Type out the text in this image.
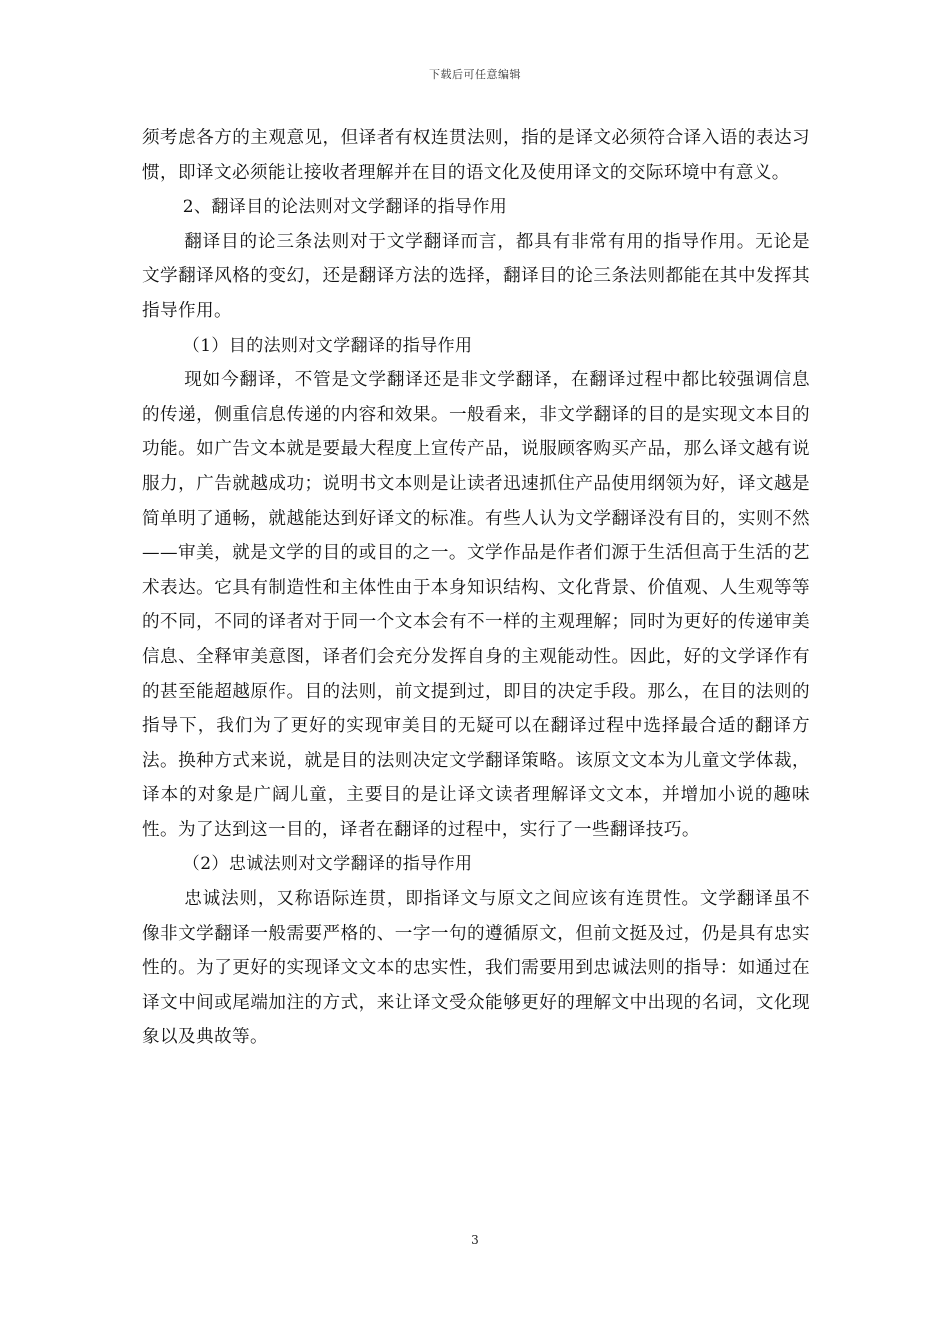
下载后可任意编辑

须考虑各方的主观意见，但译者有权连贯法则，指的是译文必须符合译入语的表达习惯，即译文必须能让接收者理解并在目的语文化及使用译文的交际环境中有意义。

2、翻译目的论法则对文学翻译的指导作用

翻译目的论三条法则对于文学翻译而言，都具有非常有用的指导作用。无论是文学翻译风格的变幻，还是翻译方法的选择，翻译目的论三条法则都能在其中发挥其指导作用。

（1）目的法则对文学翻译的指导作用

现如今翻译，不管是文学翻译还是非文学翻译，在翻译过程中都比较强调信息的传递，侧重信息传递的内容和效果。一般看来，非文学翻译的目的是实现文本目的功能。如广告文本就是要最大程度上宣传产品，说服顾客购买产品，那么译文越有说服力，广告就越成功；说明书文本则是让读者迅速抓住产品使用纲领为好，译文越是简单明了通畅，就越能达到好译文的标准。有些人认为文学翻译没有目的，实则不然——审美，就是文学的目的或目的之一。文学作品是作者们源于生活但高于生活的艺术表达。它具有制造性和主体性由于本身知识结构、文化背景、价值观、人生观等等的不同，不同的译者对于同一个文本会有不一样的主观理解；同时为更好的传递审美信息、全释审美意图，译者们会充分发挥自身的主观能动性。因此，好的文学译作有的甚至能超越原作。目的法则，前文提到过，即目的决定手段。那么，在目的法则的指导下，我们为了更好的实现审美目的无疑可以在翻译过程中选择最合适的翻译方法。换种方式来说，就是目的法则决定文学翻译策略。该原文文本为儿童文学体裁，译本的对象是广阔儿童，主要目的是让译文读者理解译文文本，并增加小说的趣味性。为了达到这一目的，译者在翻译的过程中，实行了一些翻译技巧。

（2）忠诚法则对文学翻译的指导作用

忠诚法则，又称语际连贯，即指译文与原文之间应该有连贯性。文学翻译虽不像非文学翻译一般需要严格的、一字一句的遵循原文，但前文挺及过，仍是具有忠实性的。为了更好的实现译文文本的忠实性，我们需要用到忠诚法则的指导：如通过在译文中间或尾端加注的方式，来让译文受众能够更好的理解文中出现的名词，文化现象以及典故等。

3
